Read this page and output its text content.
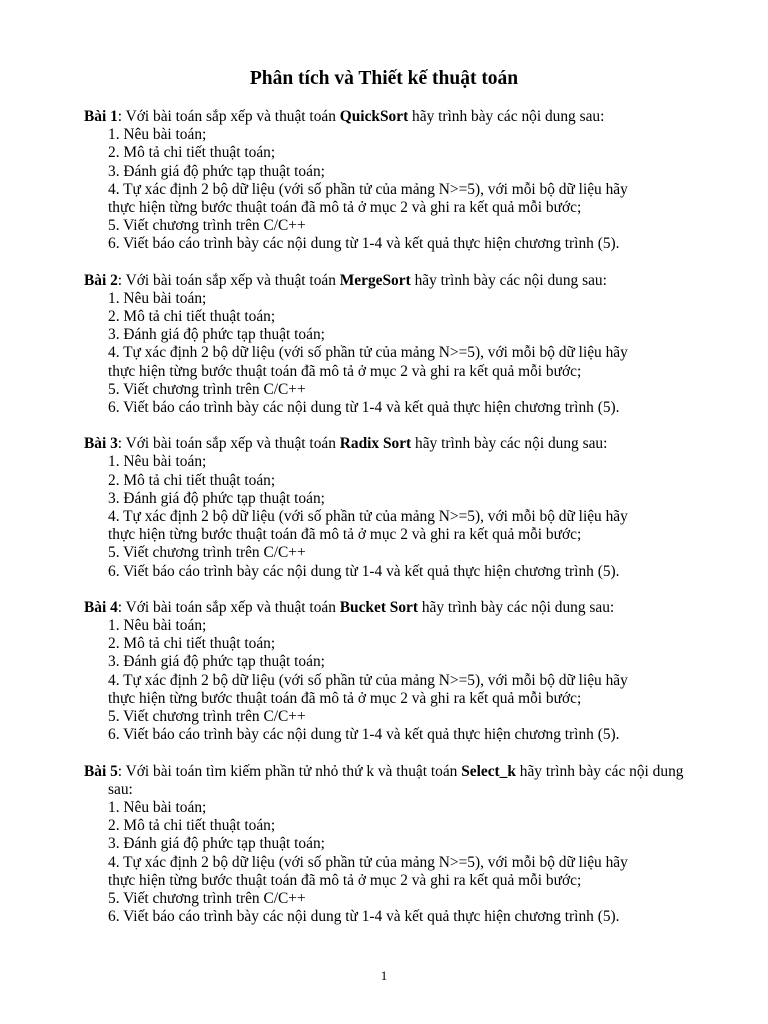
Phân tích và Thiết kế thuật toán
Bài 1: Với bài toán sắp xếp và thuật toán QuickSort hãy trình bày các nội dung sau:
1. Nêu bài toán;
2. Mô tả chi tiết thuật toán;
3. Đánh giá độ phức tạp thuật toán;
4. Tự xác định 2 bộ dữ liệu (với số phần tử của mảng N>=5), với mỗi bộ dữ liệu hãy
thực hiện từng bước thuật toán đã mô tả ở mục 2 và ghi ra kết quả mỗi bước;
5. Viết chương trình trên C/C++
6. Viết báo cáo trình bày các nội dung từ 1-4 và kết quả thực hiện chương trình (5).
Bài 2: Với bài toán sắp xếp và thuật toán MergeSort hãy trình bày các nội dung sau:
1. Nêu bài toán;
2. Mô tả chi tiết thuật toán;
3. Đánh giá độ phức tạp thuật toán;
4. Tự xác định 2 bộ dữ liệu (với số phần tử của mảng N>=5), với mỗi bộ dữ liệu hãy
thực hiện từng bước thuật toán đã mô tả ở mục 2 và ghi ra kết quả mỗi bước;
5. Viết chương trình trên C/C++
6. Viết báo cáo trình bày các nội dung từ 1-4 và kết quả thực hiện chương trình (5).
Bài 3: Với bài toán sắp xếp và thuật toán Radix Sort hãy trình bày các nội dung sau:
1. Nêu bài toán;
2. Mô tả chi tiết thuật toán;
3. Đánh giá độ phức tạp thuật toán;
4. Tự xác định 2 bộ dữ liệu (với số phần tử của mảng N>=5), với mỗi bộ dữ liệu hãy
thực hiện từng bước thuật toán đã mô tả ở mục 2 và ghi ra kết quả mỗi bước;
5. Viết chương trình trên C/C++
6. Viết báo cáo trình bày các nội dung từ 1-4 và kết quả thực hiện chương trình (5).
Bài 4: Với bài toán sắp xếp và thuật toán Bucket Sort hãy trình bày các nội dung sau:
1. Nêu bài toán;
2. Mô tả chi tiết thuật toán;
3. Đánh giá độ phức tạp thuật toán;
4. Tự xác định 2 bộ dữ liệu (với số phần tử của mảng N>=5), với mỗi bộ dữ liệu hãy
thực hiện từng bước thuật toán đã mô tả ở mục 2 và ghi ra kết quả mỗi bước;
5. Viết chương trình trên C/C++
6. Viết báo cáo trình bày các nội dung từ 1-4 và kết quả thực hiện chương trình (5).
Bài 5: Với bài toán tìm kiếm phần tử nhỏ thứ k và thuật toán Select_k hãy trình bày các nội dung sau:
1. Nêu bài toán;
2. Mô tả chi tiết thuật toán;
3. Đánh giá độ phức tạp thuật toán;
4. Tự xác định 2 bộ dữ liệu (với số phần tử của mảng N>=5), với mỗi bộ dữ liệu hãy
thực hiện từng bước thuật toán đã mô tả ở mục 2 và ghi ra kết quả mỗi bước;
5. Viết chương trình trên C/C++
6. Viết báo cáo trình bày các nội dung từ 1-4 và kết quả thực hiện chương trình (5).
1
